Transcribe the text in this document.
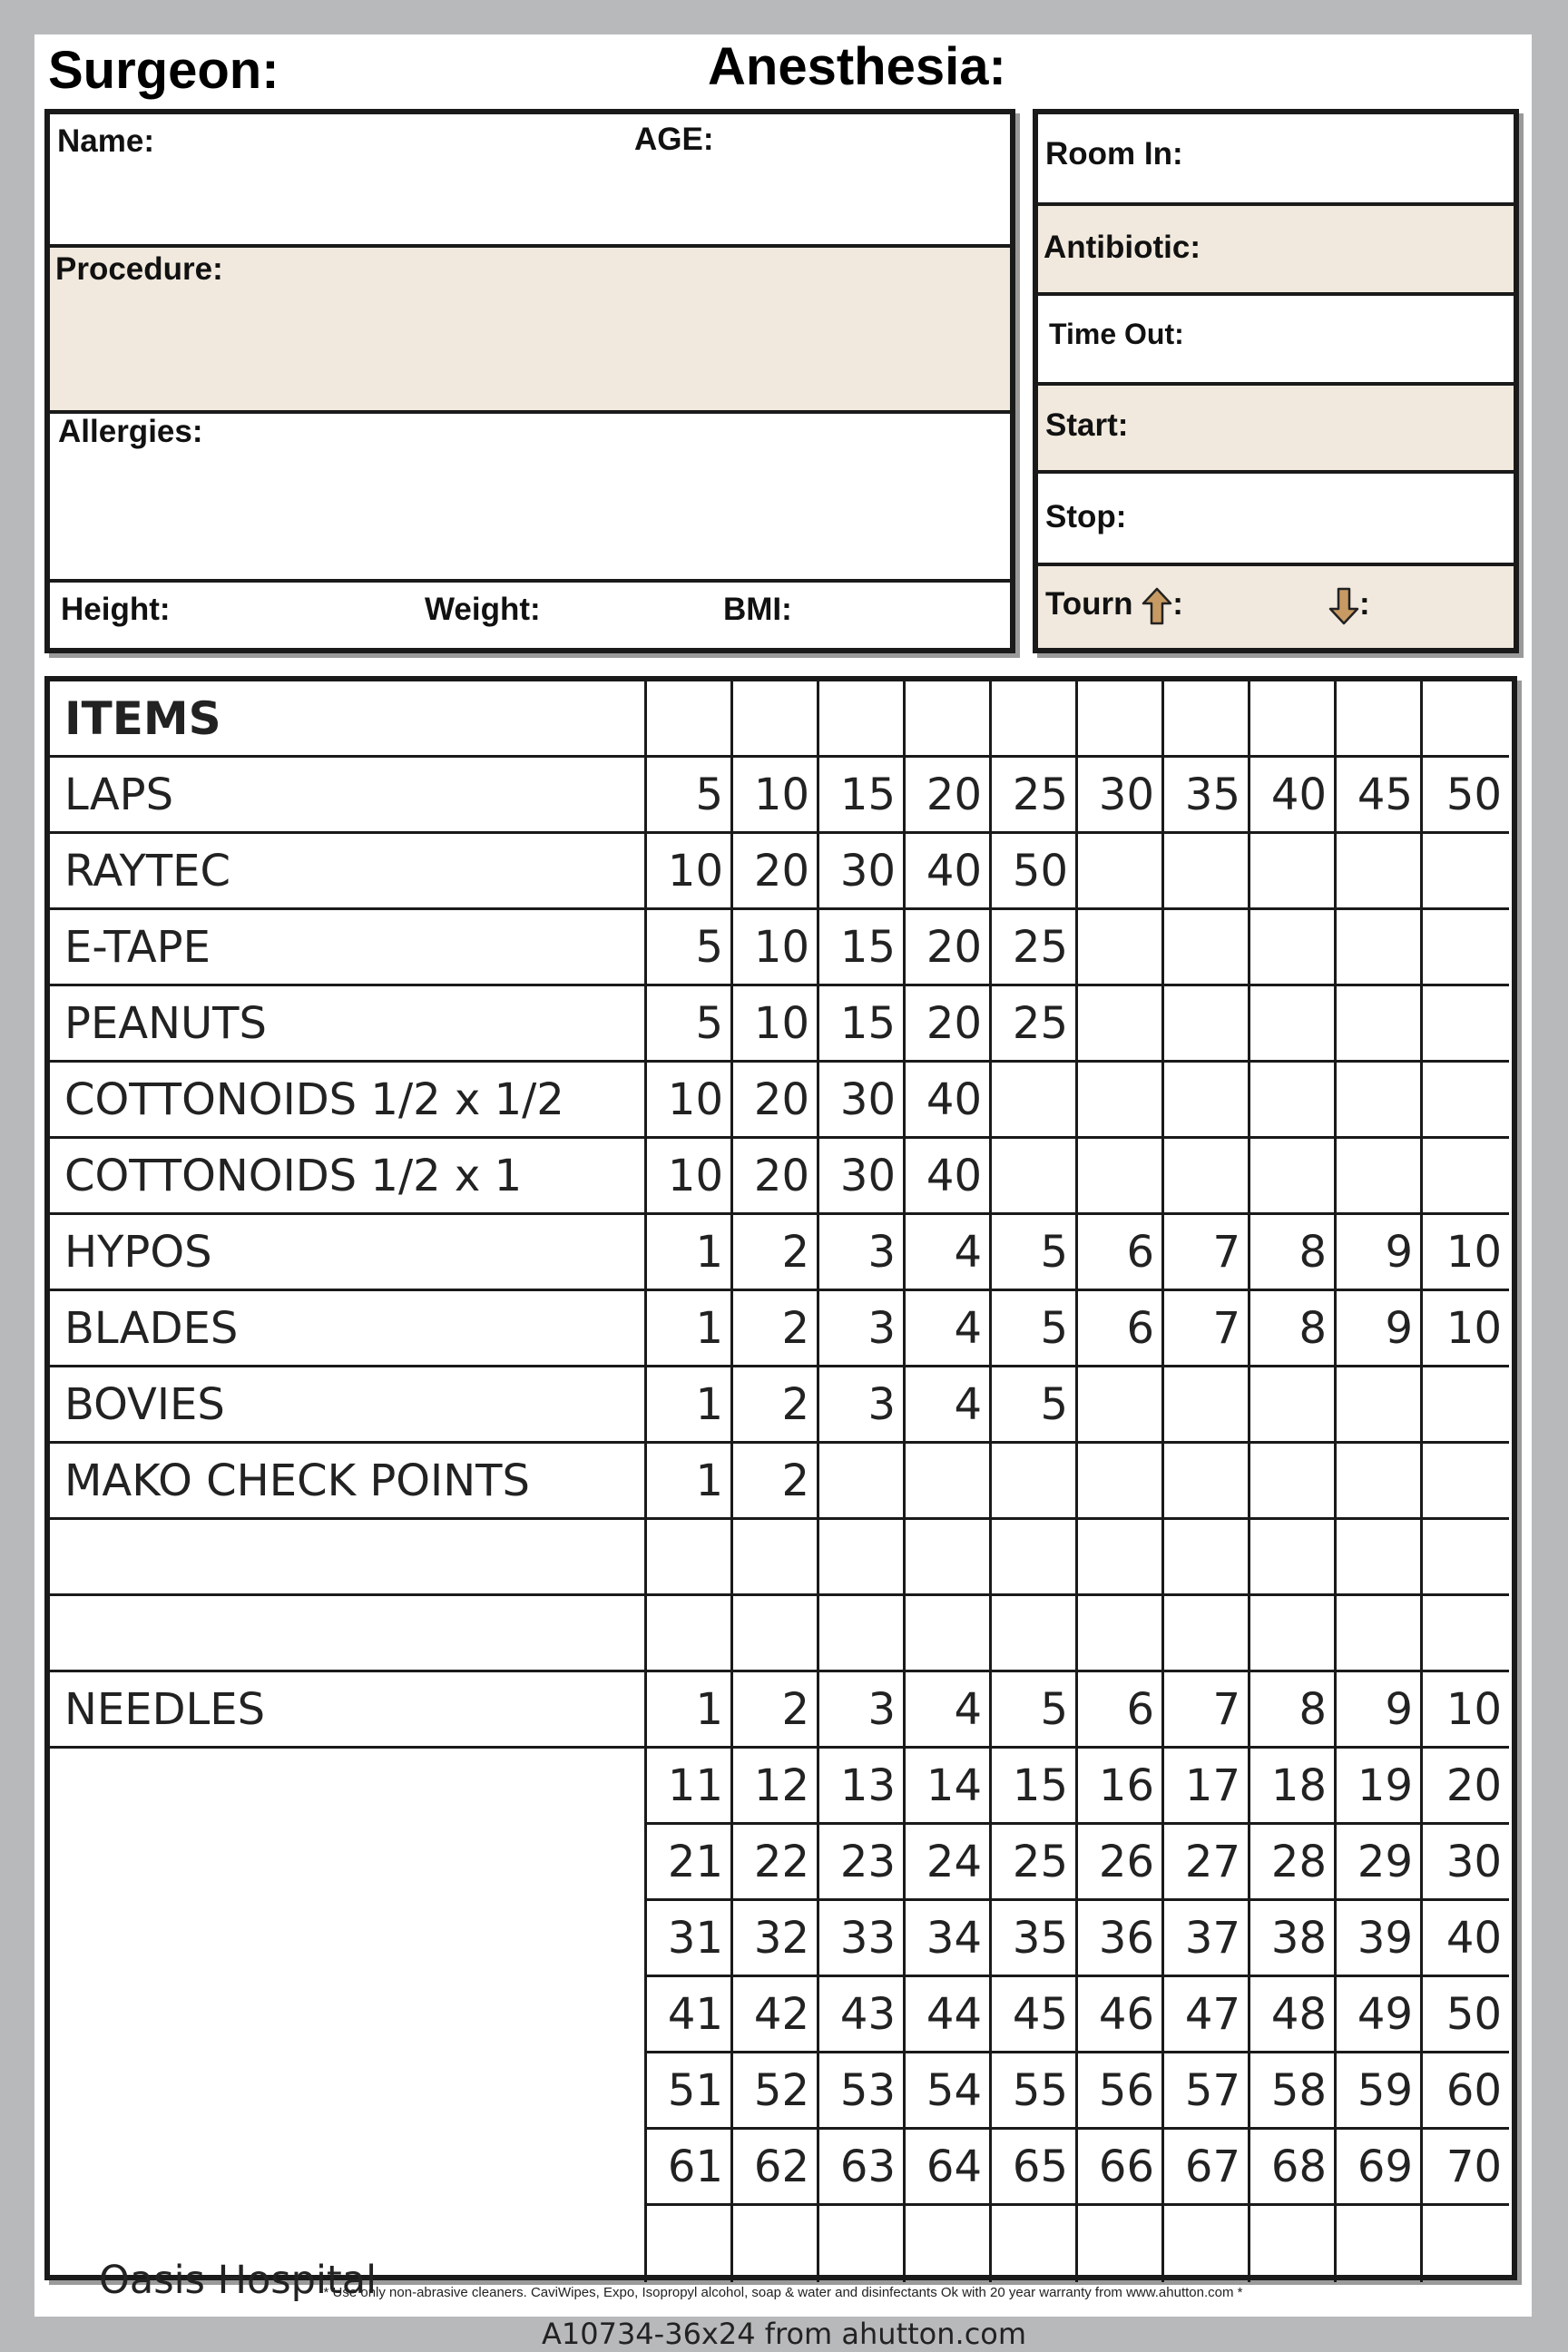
Surgeon:	Anesthesia:
Name:	AGE:
Procedure:
Allergies:
Height:	Weight:	BMI:
Room In:
Antibiotic:
Time Out:
Start:
Stop:
Tourn :	:
ITEMS
LAPS	5 10 15 20 25 30 35 40 45 50
RAYTEC	10 20 30 40 50
E-TAPE	5 10 15 20 25
PEANUTS	5 10 15 20 25
COTTONOIDS 1/2 x 1/2	10 20 30 40
COTTONOIDS 1/2 x 1	10 20 30 40
HYPOS	1	2	3	4	5	6	7	8	9 10
BLADES	1	2	3	4	5	6	7	8	9 10
BOVIES	1	2	3	4	5
MAKO CHECK POINTS	1	2
NEEDLES	1	2	3	4	5	6	7	8	9 10
11 12 13 14 15 16 17 18 19 20
21 22 23 24 25 26 27 28 29 30
31 32 33 34 35 36 37 38 39 40
41 42 43 44 45 46 47 48 49 50
51 52 53 54 55 56 57 58 59 60
61 62 63 64 65 66 67 68 69 70
Oasis Hospital
* Use only non-abrasive cleaners. CaviWipes, Expo, Isopropyl alcohol, soap & water and disinfectants Ok with 20 year warranty from www.ahutton.com *
A10734-36x24 from ahutton.com
